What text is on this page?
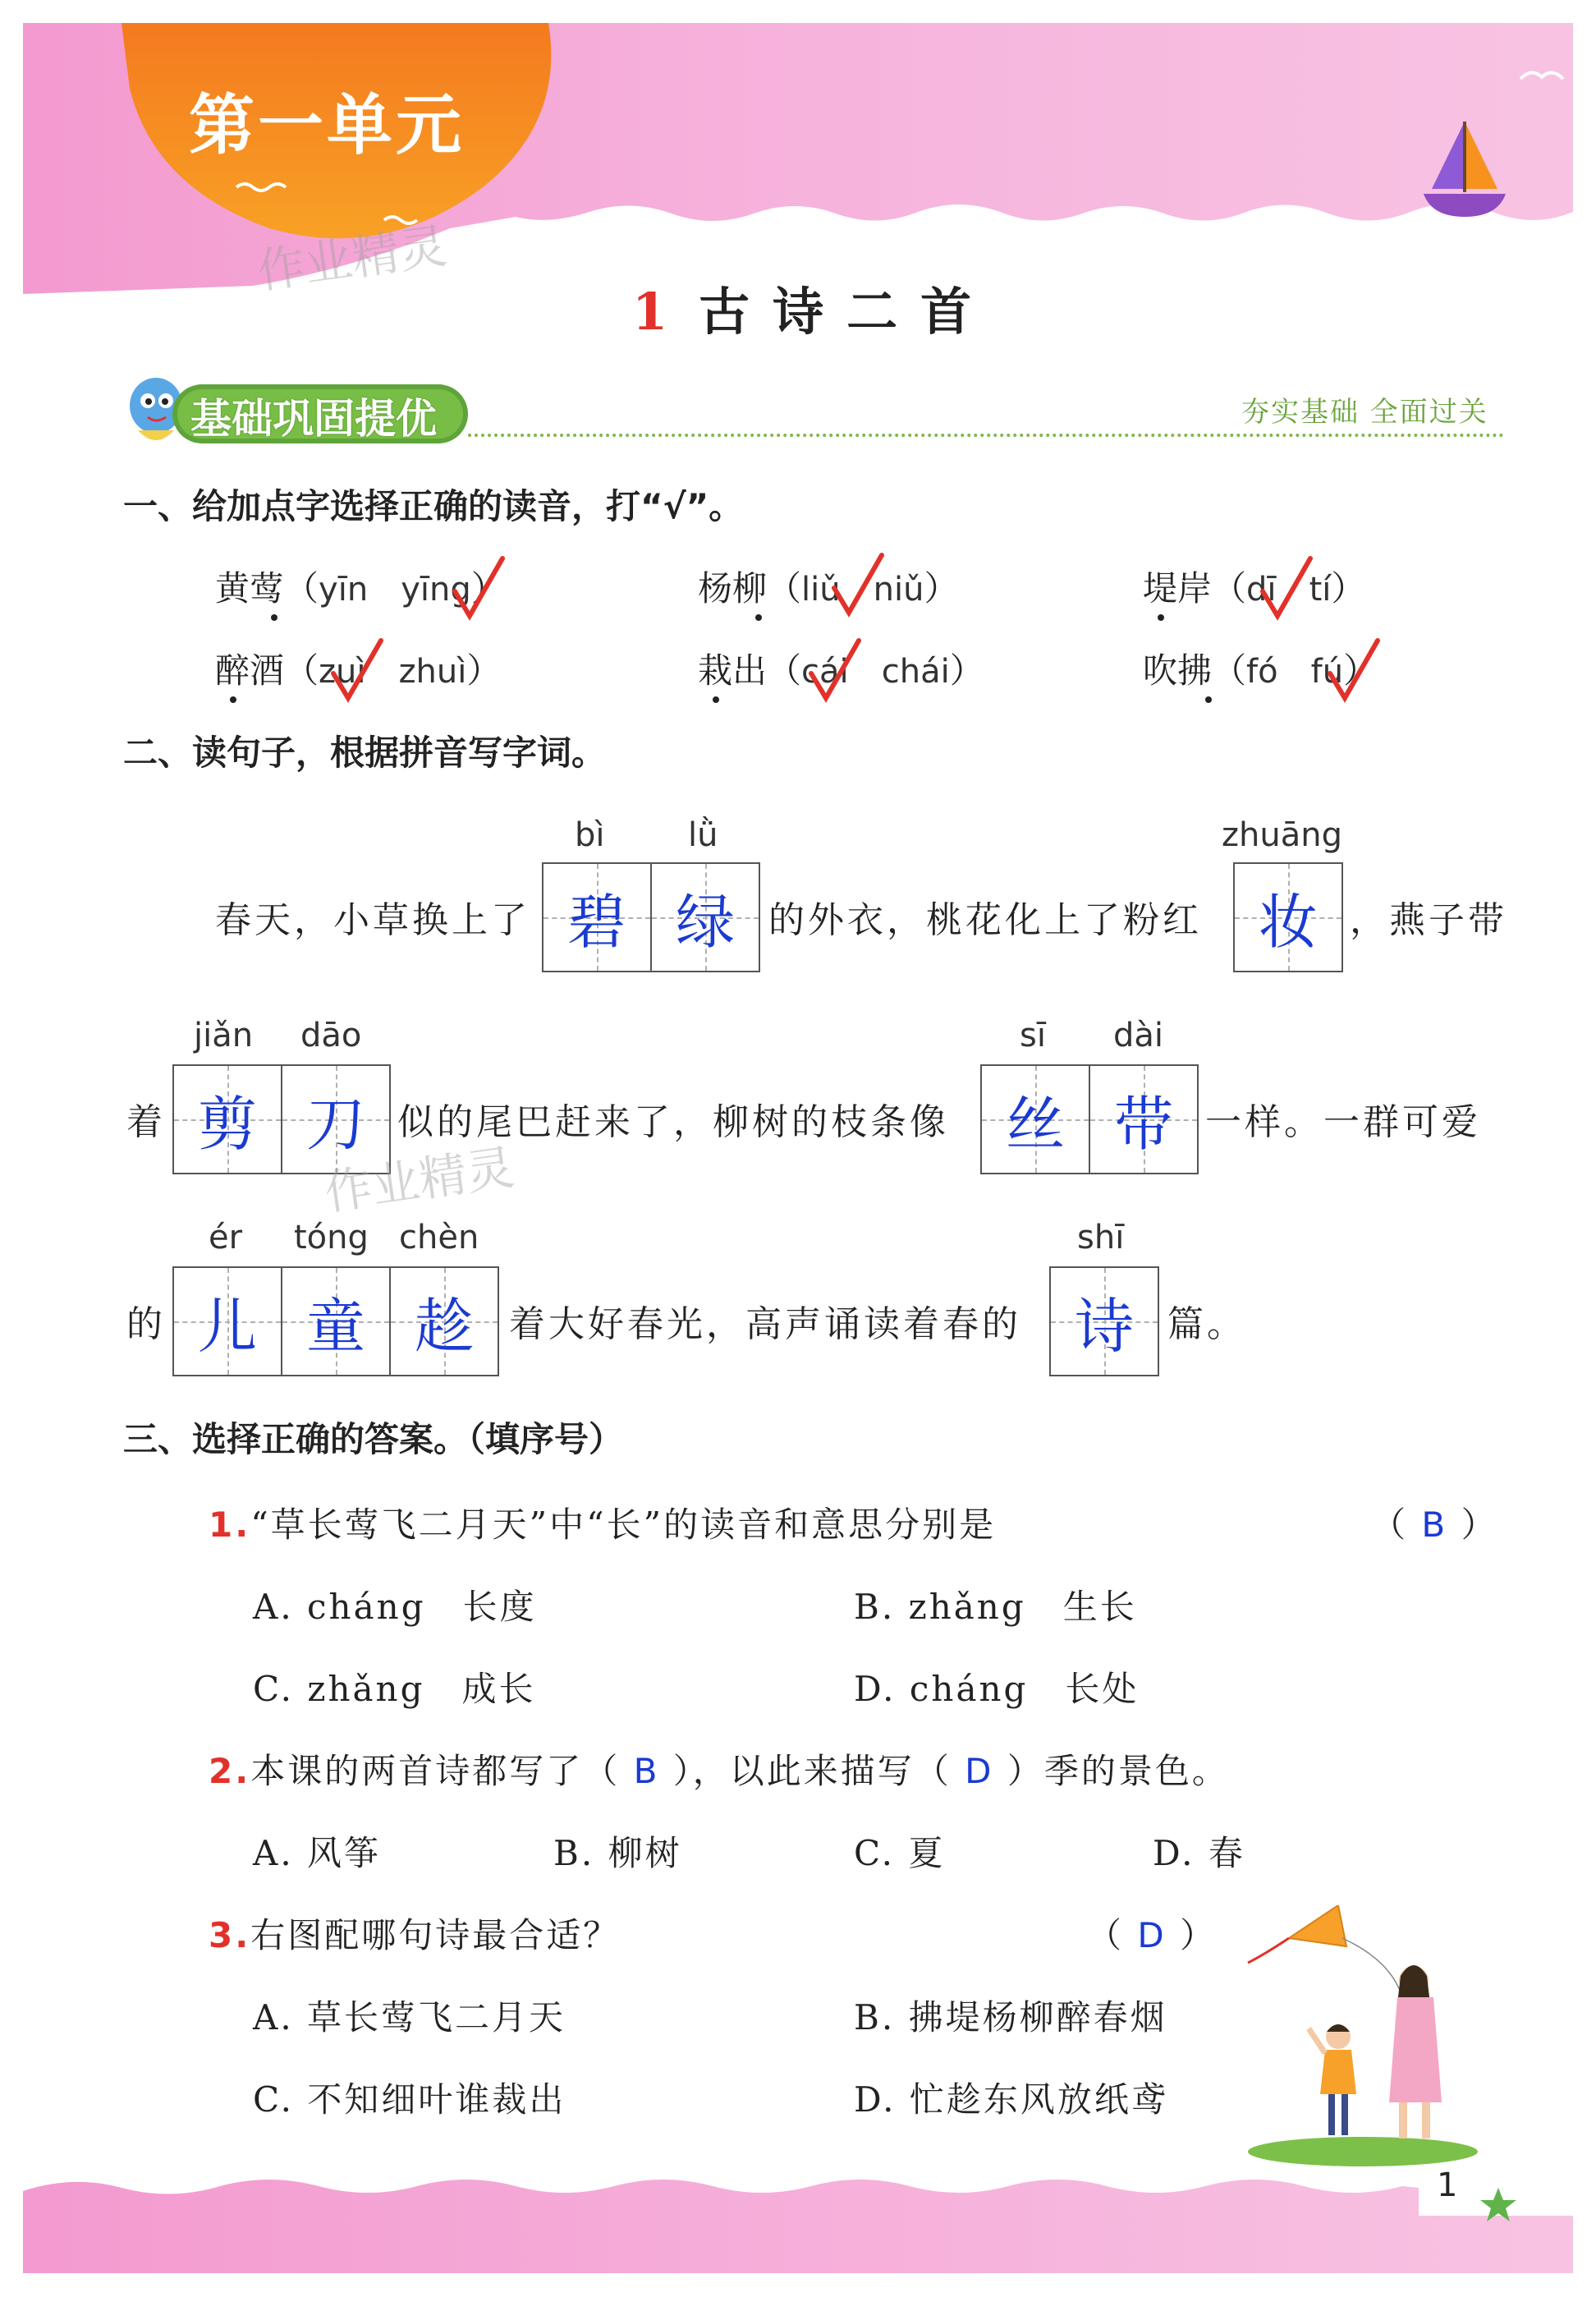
第一单元
作业精灵
1 古诗二首
基础巩固提优	夯实基础 全面过关
一、给加点字选择正确的读音，打“√”。
黄莺（yīn yīng）	杨柳（liǔ niǔ）	堤岸（dī tí）
醉酒（zuì zhuì）	栽出（cái chái）	吹拂（fó fú）
二、读句子，根据拼音写字词。
bì	lǜ	zhuāng
春天，小草换上了 碧 绿 的外衣，桃花化上了粉红 妆 ，燕子带
jiǎn dāo	sī dài
着 剪 刀
作业精灵
似的尾巴赶来了，柳树的枝条像 丝 带 一样。一群可爱
ér tóng chèn	shī
的 儿 童 趁 着大好春光，高声诵读着春的 诗 篇。
三、选择正确的答案。（填序号）
1.“草长莺飞二月天”中“长”的读音和意思分别是	（ B ）
A. cháng　长度	B. zhǎng　生长
C. zhǎng　成长	D. cháng　长处
2.本课的两首诗都写了（ B ），以此来描写（ D ）季的景色。
A. 风筝	B. 柳树	C. 夏	D. 春
3.右图配哪句诗最合适？	（ D ）
A. 草长莺飞二月天	B. 拂堤杨柳醉春烟
C. 不知细叶谁裁出	D. 忙趁东风放纸鸢
1
